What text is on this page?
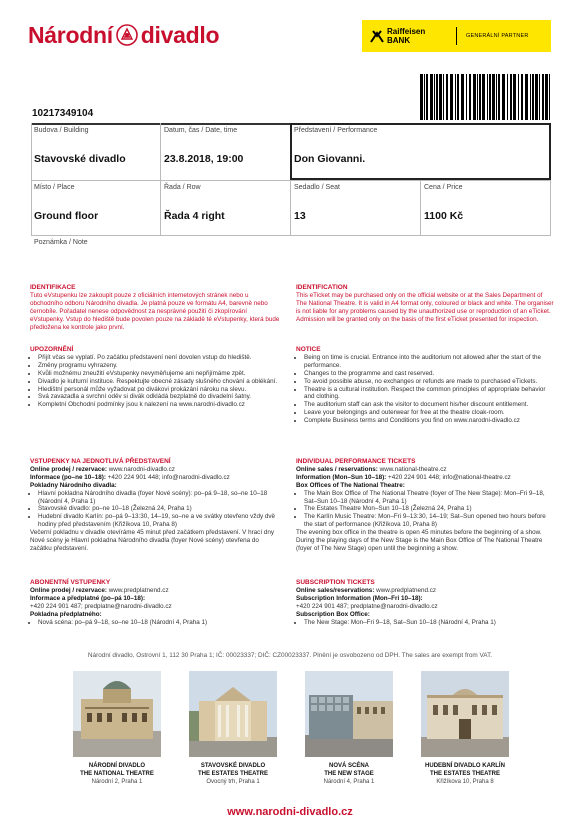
Národní divadlo	Raiffeisen
BANK	GENERÁLNÍ PARTNER
10217349104
Budova / Building
Stavovské divadlo
Datum, čas / Date, time
23.8.2018, 19:00
Představení / Performance
Don Giovanni.
Místo / Place
Ground floor
Řada / Row
Řada 4 right
Sedadlo / Seat
13
Cena / Price
1100 Kč
Poznámka / Note
IDENTIFIKACE
Tuto eVstupenku lze zakoupit pouze z oficiálních internetových stránek nebo u obchodního odboru Národního divadla. Je platná pouze ve formátu A4, barevně nebo černobíle. Pořadatel nenese odpovědnost za nesprávné použití či zkopírování eVstupenky. Vstup do hlediště bude povolen pouze na základě té eVstupenky, která bude předložena ke kontrole jako první.
UPOZORNĚNÍ
• Přijít včas se vyplatí. Po začátku představení není dovolen vstup do hlediště.
• Změny programu vyhrazeny.
• Kvůli možnému zneužití eVstupenky nevyměňujeme ani nepřijímáme zpět.
• Divadlo je kulturní instituce. Respektujte obecné zásady slušného chování a oblékání.
• Hledištní personál může vyžadovat po divákovi prokázání nároku na slevu.
• Svá zavazadla a svrchní oděv si divák odkládá bezplatně do divadelní šatny.
• Kompletní Obchodní podmínky jsou k nalezení na www.narodni-divadlo.cz
VSTUPENKY NA JEDNOTLIVÁ PŘEDSTAVENÍ
Online prodej / rezervace: www.narodni-divadlo.cz
Informace (po–ne 10–18): +420 224 901 448; info@narodni-divadlo.cz
Pokladny Národního divadla:
• Hlavní pokladna Národního divadla (foyer Nové scény): po–pá 9–18, so–ne 10–18 (Národní 4, Praha 1)
• Stavovské divadlo: po–ne 10–18 (Železná 24, Praha 1)
• Hudební divadlo Karlín: po–pá 9–13:30, 14–19, so–ne a ve svátky otevřeno vždy dvě hodiny před představením (Křižíkova 10, Praha 8)
Večerní pokladnu v divadle otevíráme 45 minut před začátkem představení. V hrací dny Nové scény je Hlavní pokladna Národního divadla (foyer Nové scény) otevřena do začátku představení.
ABONENTNÍ VSTUPENKY
Online prodej / rezervace: www.predplatnend.cz
Informace a předplatné (po–pá 10–18):
+420 224 901 487; predplatne@narodni-divadlo.cz
Pokladna předplatného:
• Nová scéna: po–pá 9–18, so–ne 10–18 (Národní 4, Praha 1)
IDENTIFICATION
This eTicket may be purchased only on the official website or at the Sales Department of The National Theatre. It is valid in A4 format only, coloured or black and white. The organiser is not liable for any problems caused by the unauthorized use or reproduction of an eTicket. Admission will be granted only on the basis of the first eTicket presented for inspection.
NOTICE
• Being on time is crucial. Entrance into the auditorium not allowed after the start of the performance.
• Changes to the programme and cast reserved.
• To avoid possible abuse, no exchanges or refunds are made to purchased eTickets.
• Theatre is a cultural institution. Respect the common principles of appropriate behavior and clothing.
• The auditorium staff can ask the visitor to document his/her discount entitlement.
• Leave your belongings and outerwear for free at the theatre cloak-room.
• Complete Business terms and Conditions you find on www.narodni-divadlo.cz
INDIVIDUAL PERFORMANCE TICKETS
Online sales / reservations: www.national-theatre.cz
Information (Mon–Sun 10–18): +420 224 901 448; info@national-theatre.cz
Box Offices of The National Theatre:
• The Main Box Office of The National Theatre (foyer of The New Stage): Mon–Fri 9–18, Sat–Sun 10–18 (Národní 4, Praha 1)
• The Estates Theatre Mon–Sun 10–18 (Železná 24, Praha 1)
• The Karlín Music Theatre: Mon–Fri 9–13:30, 14–19; Sat–Sun opened two hours before the start of performance (Křižíkova 10, Praha 8)
The evening box office in the theatre is open 45 minutes before the beginning of a show. During the playing days of the New Stage is the Main Box Office of The National Theatre (foyer of The New Stage) open until the beginning a show.
SUBSCRIPTION TICKETS
Online sales/reservations: www.predplatnend.cz
Subscription Information (Mon–Fri 10–18):
+420 224 901 487; predplatne@narodni-divadlo.cz
Subscription Box Office:
• The New Stage: Mon–Fri 9–18, Sat–Sun 10–18 (Národní 4, Praha 1)
Národní divadlo, Ostrovní 1, 112 30 Praha 1; IČ: 00023337; DIČ: CZ00023337. Plnění je osvobozeno od DPH. The sales are exempt from VAT.
NÁRODNÍ DIVADLO
THE NATIONAL THEATRE
Národní 2, Praha 1
STAVOVSKÉ DIVADLO
THE ESTATES THEATRE
Ovocný trh, Praha 1
NOVÁ SCÉNA
THE NEW STAGE
Národní 4, Praha 1
HUDEBNÍ DIVADLO KARLÍN
THE ESTATES THEATRE
Křižíkova 10, Praha 8
www.narodni-divadlo.cz
